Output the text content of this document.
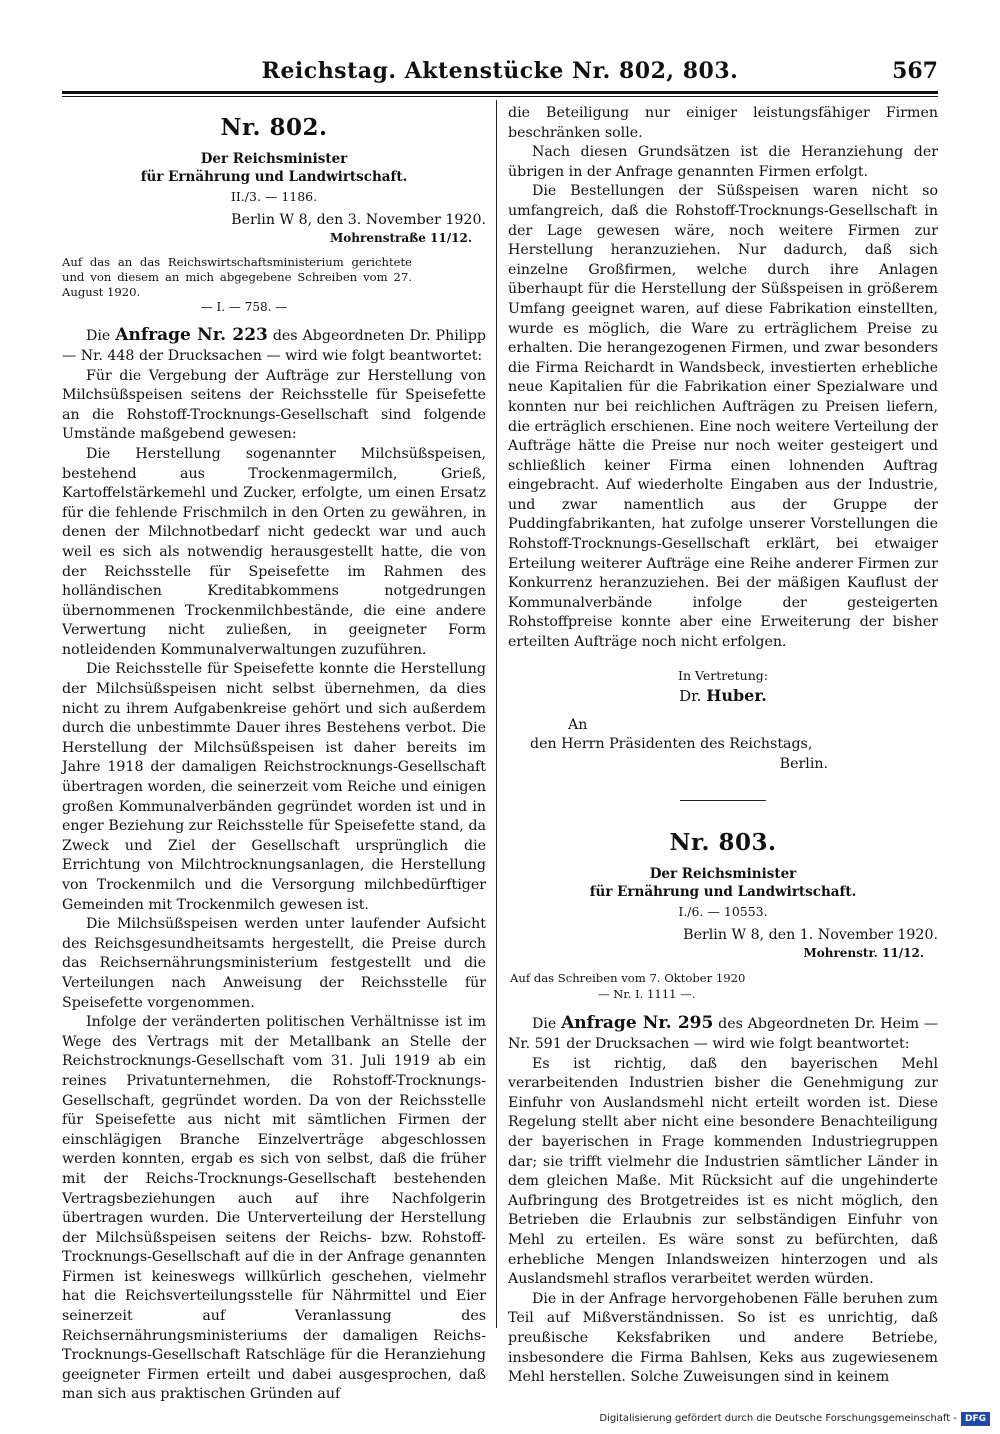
Reichstag. Aktenstücke Nr. 802, 803.	567
Nr. 802.
Der Reichsminister
für Ernährung und Landwirtschaft.
II./3. — 1186.
Berlin W 8, den 3. November 1920.
Mohrenstraße 11/12.
Auf das an das Reichswirtschaftsministerium gerichtete und von diesem an mich abgegebene Schreiben vom 27. August 1920.
— I. — 758. —

Die Anfrage Nr. 223 des Abgeordneten Dr. Philipp — Nr. 448 der Drucksachen — wird wie folgt beantwortet:

Für die Vergebung der Aufträge zur Herstellung von Milchsüßspeisen seitens der Reichsstelle für Speisefette an die Rohstoff-Trocknungs-Gesellschaft sind folgende Umstände maßgebend gewesen:

Die Herstellung sogenannter Milchsüßspeisen, bestehend aus Trockenmagermilch, Grieß, Kartoffelstärkemehl und Zucker, erfolgte, um einen Ersatz für die fehlende Frischmilch in den Orten zu gewähren, in denen der Milchnotbedarf nicht gedeckt war und auch weil es sich als notwendig herausgestellt hatte, die von der Reichsstelle für Speisefette im Rahmen des holländischen Kreditabkommens notgedrungen übernommenen Trockenmilchbestände, die eine andere Verwertung nicht zuließen, in geeigneter Form notleidenden Kommunalverwaltungen zuzuführen.

Die Reichsstelle für Speisefette konnte die Herstellung der Milchsüßspeisen nicht selbst übernehmen, da dies nicht zu ihrem Aufgabenkreise gehört und sich außerdem durch die unbestimmte Dauer ihres Bestehens verbot. Die Herstellung der Milchsüßspeisen ist daher bereits im Jahre 1918 der damaligen Reichstrocknungs-Gesellschaft übertragen worden, die seinerzeit vom Reiche und einigen großen Kommunalverbänden gegründet worden ist und in enger Beziehung zur Reichsstelle für Speisefette stand, da Zweck und Ziel der Gesellschaft ursprünglich die Errichtung von Milchtrocknungsanlagen, die Herstellung von Trockenmilch und die Versorgung milchbedürftiger Gemeinden mit Trockenmilch gewesen ist.

Die Milchsüßspeisen werden unter laufender Aufsicht des Reichsgesundheitsamts hergestellt, die Preise durch das Reichsernährungsministerium festgestellt und die Verteilungen nach Anweisung der Reichsstelle für Speisefette vorgenommen.

Infolge der veränderten politischen Verhältnisse ist im Wege des Vertrags mit der Metallbank an Stelle der Reichstrocknungs-Gesellschaft vom 31. Juli 1919 ab ein reines Privatunternehmen, die Rohstoff-Trocknungs-Gesellschaft, gegründet worden. Da von der Reichsstelle für Speisefette aus nicht mit sämtlichen Firmen der einschlägigen Branche Einzelverträge abgeschlossen werden konnten, ergab es sich von selbst, daß die früher mit der Reichs-Trocknungs-Gesellschaft bestehenden Vertragsbeziehungen auch auf ihre Nachfolgerin übertragen wurden. Die Unterverteilung der Herstellung der Milchsüßspeisen seitens der Reichs- bzw. Rohstoff-Trocknungs-Gesellschaft auf die in der Anfrage genannten Firmen ist keineswegs willkürlich geschehen, vielmehr hat die Reichsverteilungsstelle für Nährmittel und Eier seinerzeit auf Veranlassung des Reichsernährungsministeriums der damaligen Reichs-Trocknungs-Gesellschaft Ratschläge für die Heranziehung geeigneter Firmen erteilt und dabei ausgesprochen, daß man sich aus praktischen Gründen auf

die Beteiligung nur einiger leistungsfähiger Firmen beschränken solle.

Nach diesen Grundsätzen ist die Heranziehung der übrigen in der Anfrage genannten Firmen erfolgt.

Die Bestellungen der Süßspeisen waren nicht so umfangreich, daß die Rohstoff-Trocknungs-Gesellschaft in der Lage gewesen wäre, noch weitere Firmen zur Herstellung heranzuziehen. Nur dadurch, daß sich einzelne Großfirmen, welche durch ihre Anlagen überhaupt für die Herstellung der Süßspeisen in größerem Umfang geeignet waren, auf diese Fabrikation einstellten, wurde es möglich, die Ware zu erträglichem Preise zu erhalten. Die herangezogenen Firmen, und zwar besonders die Firma Reichardt in Wandsbeck, investierten erhebliche neue Kapitalien für die Fabrikation einer Spezialware und konnten nur bei reichlichen Aufträgen zu Preisen liefern, die erträglich erschienen. Eine noch weitere Verteilung der Aufträge hätte die Preise nur noch weiter gesteigert und schließlich keiner Firma einen lohnenden Auftrag eingebracht. Auf wiederholte Eingaben aus der Industrie, und zwar namentlich aus der Gruppe der Puddingfabrikanten, hat zufolge unserer Vorstellungen die Rohstoff-Trocknungs-Gesellschaft erklärt, bei etwaiger Erteilung weiterer Aufträge eine Reihe anderer Firmen zur Konkurrenz heranzuziehen. Bei der mäßigen Kauflust der Kommunalverbände infolge der gesteigerten Rohstoffpreise konnte aber eine Erweiterung der bisher erteilten Aufträge noch nicht erfolgen.

In Vertretung:
Dr. Huber.
An
den Herrn Präsidenten des Reichstags,
Berlin.
Nr. 803.
Der Reichsminister
für Ernährung und Landwirtschaft.
I./6. — 10553.
Berlin W 8, den 1. November 1920.
Mohrenstr. 11/12.
Auf das Schreiben vom 7. Oktober 1920
— Nr. I. 1111 —.

Die Anfrage Nr. 295 des Abgeordneten Dr. Heim — Nr. 591 der Drucksachen — wird wie folgt beantwortet:

Es ist richtig, daß den bayerischen Mehl verarbeitenden Industrien bisher die Genehmigung zur Einfuhr von Auslandsmehl nicht erteilt worden ist. Diese Regelung stellt aber nicht eine besondere Benachteiligung der bayerischen in Frage kommenden Industriegruppen dar; sie trifft vielmehr die Industrien sämtlicher Länder in dem gleichen Maße. Mit Rücksicht auf die ungehinderte Aufbringung des Brotgetreides ist es nicht möglich, den Betrieben die Erlaubnis zur selbständigen Einfuhr von Mehl zu erteilen. Es wäre sonst zu befürchten, daß erhebliche Mengen Inlandsweizen hinterzogen und als Auslandsmehl straflos verarbeitet werden würden.

Die in der Anfrage hervorgehobenen Fälle beruhen zum Teil auf Mißverständnissen. So ist es unrichtig, daß preußische Keksfabriken und andere Betriebe, insbesondere die Firma Bahlsen, Keks aus zugewiesenem Mehl herstellen. Solche Zuweisungen sind in keinem

Digitalisierung gefördert durch die Deutsche Forschungsgemeinschaft - DFG
